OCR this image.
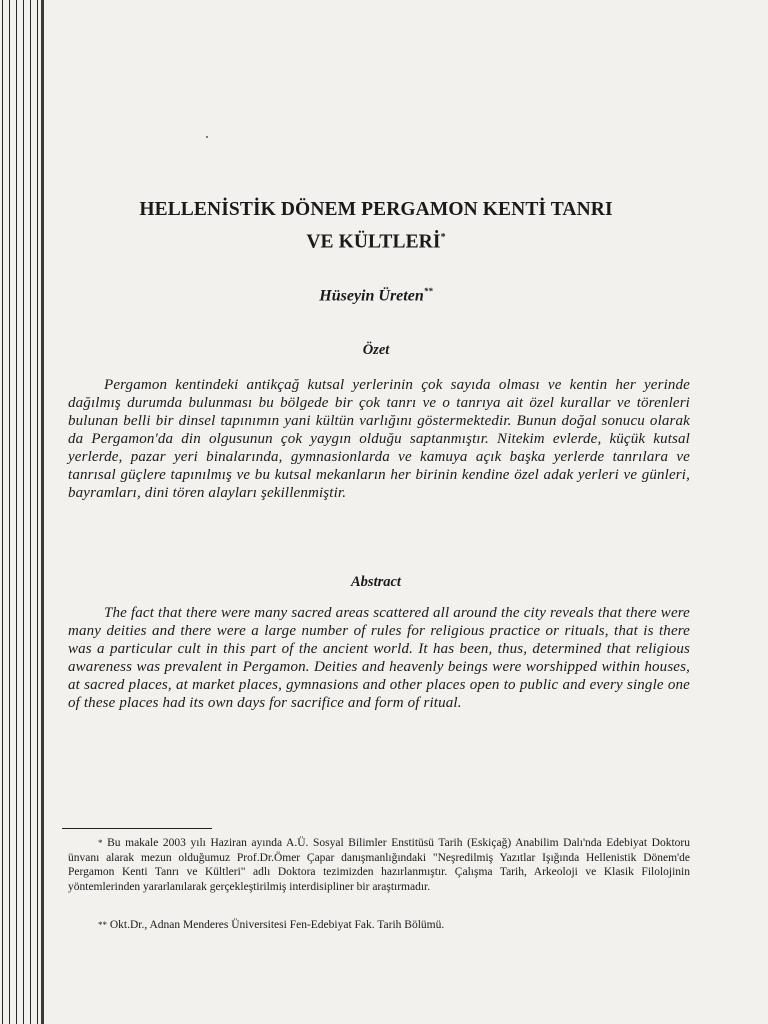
HELLENİSTİK DÖNEM PERGAMON KENTİ TANRI
VE KÜLTLERİ*
Hüseyin Üreten**
Özet
Pergamon kentindeki antikçağ kutsal yerlerinin çok sayıda olması ve kentin her yerinde dağılmış durumda bulunması bu bölgede bir çok tanrı ve o tanrıya ait özel kurallar ve törenleri bulunan belli bir dinsel tapınımın yani kültün varlığını göstermektedir. Bunun doğal sonucu olarak da Pergamon'da din olgusunun çok yaygın olduğu saptanmıştır. Nitekim evlerde, küçük kutsal yerlerde, pazar yeri binalarında, gymnasionlarda ve kamuya açık başka yerlerde tanrılara ve tanrısal güçlere tapınılmış ve bu kutsal mekanların her birinin kendine özel adak yerleri ve günleri, bayramları, dini tören alayları şekillenmiştir.
Abstract
The fact that there were many sacred areas scattered all around the city reveals that there were many deities and there were a large number of rules for religious practice or rituals, that is there was a particular cult in this part of the ancient world. It has been, thus, determined that religious awareness was prevalent in Pergamon. Deities and heavenly beings were worshipped within houses, at sacred places, at market places, gymnasions and other places open to public and every single one of these places had its own days for sacrifice and form of ritual.
* Bu makale 2003 yılı Haziran ayında A.Ü. Sosyal Bilimler Enstitüsü Tarih (Eskiçağ) Anabilim Dalı'nda Edebiyat Doktoru ünvanı alarak mezun olduğumuz Prof.Dr.Ömer Çapar danışmanlığındaki "Neşredilmiş Yazıtlar Işığında Hellenistik Dönem'de Pergamon Kenti Tanrı ve Kültleri" adlı Doktora tezimizden hazırlanmıştır. Çalışma Tarih, Arkeoloji ve Klasik Filolojinin yöntemlerinden yararlanılarak gerçekleştirilmiş interdisipliner bir araştırmadır.
** Okt.Dr., Adnan Menderes Üniversitesi Fen-Edebiyat Fak. Tarih Bölümü.
